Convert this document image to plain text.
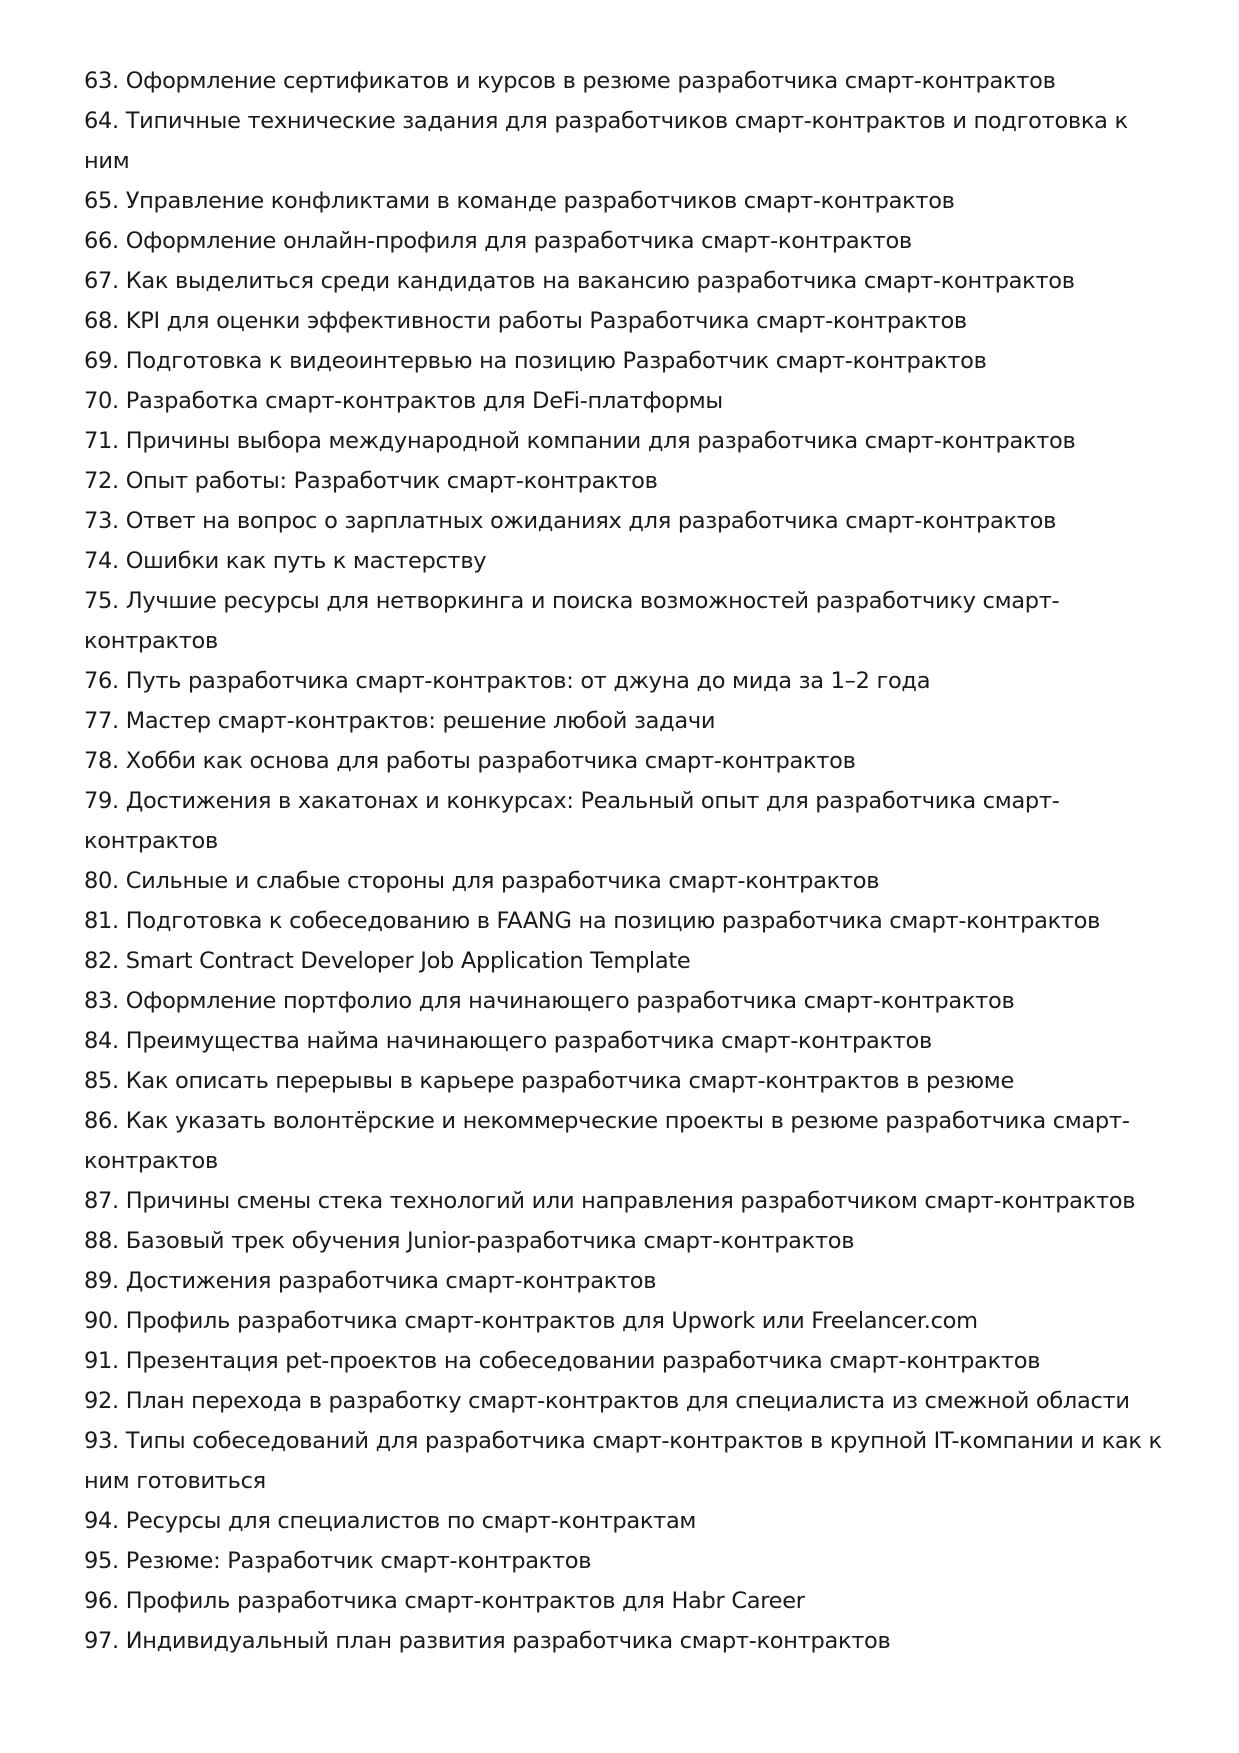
63. Оформление сертификатов и курсов в резюме разработчика смарт-контрактов
64. Типичные технические задания для разработчиков смарт-контрактов и подготовка к ним
65. Управление конфликтами в команде разработчиков смарт-контрактов
66. Оформление онлайн-профиля для разработчика смарт-контрактов
67. Как выделиться среди кандидатов на вакансию разработчика смарт-контрактов
68. KPI для оценки эффективности работы Разработчика смарт-контрактов
69. Подготовка к видеоинтервью на позицию Разработчик смарт-контрактов
70. Разработка смарт-контрактов для DeFi-платформы
71. Причины выбора международной компании для разработчика смарт-контрактов
72. Опыт работы: Разработчик смарт-контрактов
73. Ответ на вопрос о зарплатных ожиданиях для разработчика смарт-контрактов
74. Ошибки как путь к мастерству
75. Лучшие ресурсы для нетворкинга и поиска возможностей разработчику смарт-контрактов
76. Путь разработчика смарт-контрактов: от джуна до мида за 1–2 года
77. Мастер смарт-контрактов: решение любой задачи
78. Хобби как основа для работы разработчика смарт-контрактов
79. Достижения в хакатонах и конкурсах: Реальный опыт для разработчика смарт-контрактов
80. Сильные и слабые стороны для разработчика смарт-контрактов
81. Подготовка к собеседованию в FAANG на позицию разработчика смарт-контрактов
82. Smart Contract Developer Job Application Template
83. Оформление портфолио для начинающего разработчика смарт-контрактов
84. Преимущества найма начинающего разработчика смарт-контрактов
85. Как описать перерывы в карьере разработчика смарт-контрактов в резюме
86. Как указать волонтёрские и некоммерческие проекты в резюме разработчика смарт-контрактов
87. Причины смены стека технологий или направления разработчиком смарт-контрактов
88. Базовый трек обучения Junior-разработчика смарт-контрактов
89. Достижения разработчика смарт-контрактов
90. Профиль разработчика смарт-контрактов для Upwork или Freelancer.com
91. Презентация pet-проектов на собеседовании разработчика смарт-контрактов
92. План перехода в разработку смарт-контрактов для специалиста из смежной области
93. Типы собеседований для разработчика смарт-контрактов в крупной IT-компании и как к ним готовиться
94. Ресурсы для специалистов по смарт-контрактам
95. Резюме: Разработчик смарт-контрактов
96. Профиль разработчика смарт-контрактов для Habr Career
97. Индивидуальный план развития разработчика смарт-контрактов
